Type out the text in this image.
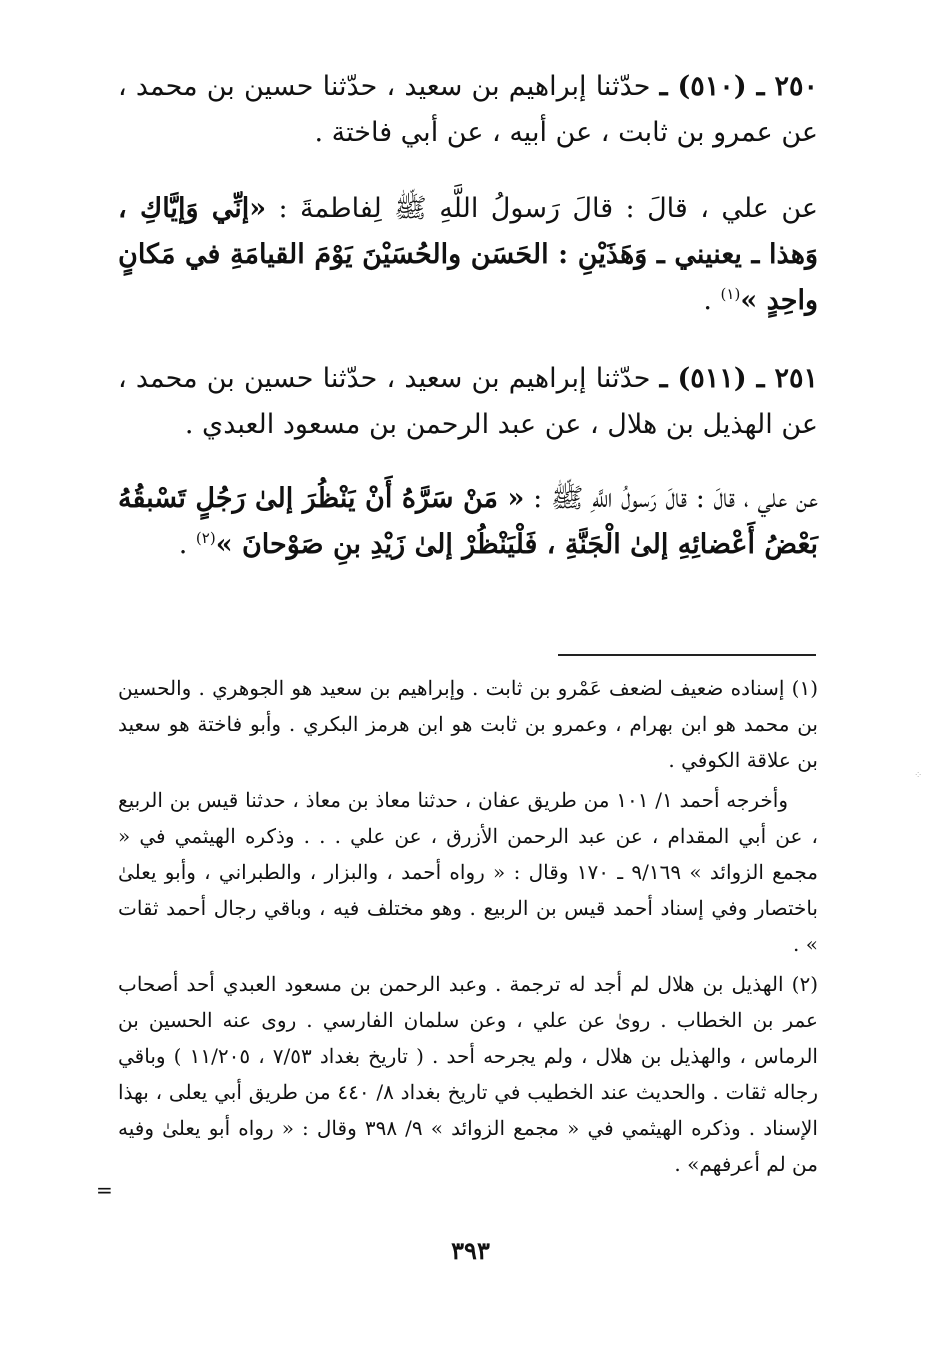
٢٥٠ ـ (٥١٠) ـ حدّثنا إبراهيم بن سعيد ، حدّثنا حسين بن محمد ، عن عمرو بن ثابت ، عن أبيه ، عن أبي فاختة .

عن علي ، قالَ : قالَ رَسولُ اللَّهِ ﷺ لِفاطمةَ : «إنِّي وَإيَّاكِ ، وَهذا ـ يعنيني ـ وَهَذَيْنِ : الحَسَن والحُسَيْنَ يَوْمَ القيامَةِ في مَكانٍ واحِدٍ »$^{(١)}$ .

٢٥١ ـ (٥١١) ـ حدّثنا إبراهيم بن سعيد ، حدّثنا حسين بن محمد ، عن الهذيل بن هلال ، عن عبد الرحمن بن مسعود العبدي .

عن علي ، قالَ : قالَ رَسولُ اللَّهِ ﷺ : « مَنْ سَرَّهُ أَنْ يَنْظُرَ إلىٰ رَجُلٍ تَسْبقُهُ بَعْضُ أَعْضائِهِ إلىٰ الْجَنَّةِ ، فَلْيَنْظُرْ إلىٰ زَيْدِ بنِ صَوْحانَ »$^{(٢)}$ .

(١) إسناده ضعيف لضعف عَمْرو بن ثابت . وإبراهيم بن سعيد هو الجوهري . والحسين بن محمد هو ابن بهرام ، وعمرو بن ثابت هو ابن هرمز البكري . وأبو فاختة هو سعيد بن علاقة الكوفي .

وأخرجه أحمد ١/ ١٠١ من طريق عفان ، حدثنا معاذ بن معاذ ، حدثنا قيس بن الربيع ، عن أبي المقدام ، عن عبد الرحمن الأزرق ، عن علي . . . وذكره الهيثمي في « مجمع الزوائد » ٩/١٦٩ ـ ١٧٠ وقال : « رواه أحمد ، والبزار ، والطبراني ، وأبو يعلىٰ باختصار وفي إسناد أحمد قيس بن الربيع . وهو مختلف فيه ، وباقي رجال أحمد ثقات » .

(٢) الهذيل بن هلال لم أجد له ترجمة . وعبد الرحمن بن مسعود العبدي أحد أصحاب عمر بن الخطاب . روىٰ عن علي ، وعن سلمان الفارسي . روى عنه الحسين بن الرماس ، والهذيل بن هلال ، ولم يجرحه أحد . ( تاريخ بغداد ٧/٥٣ ، ١١/٢٠٥ ) وباقي رجاله ثقات . والحديث عند الخطيب في تاريخ بغداد ٨/ ٤٤٠ من طريق أبي يعلى ، بهذا الإسناد . وذكره الهيثمي في « مجمع الزوائد » ٩/ ٣٩٨ وقال : « رواه أبو يعلىٰ وفيه من لم أعرفهم» .

=
⁘
٣٩٣
